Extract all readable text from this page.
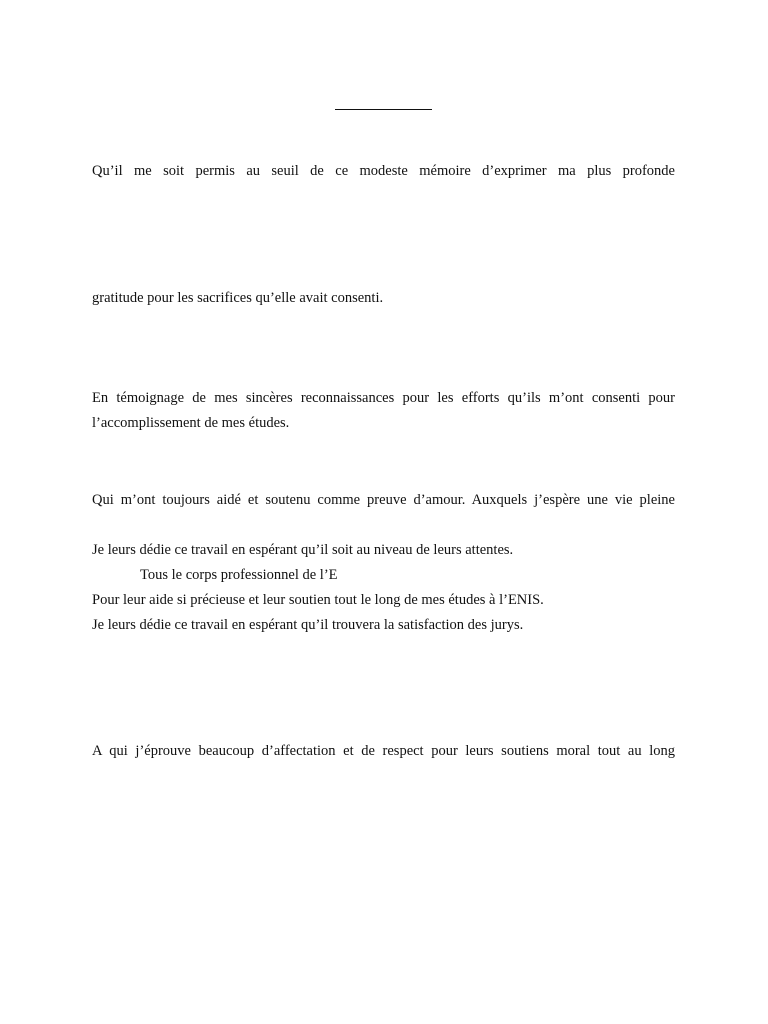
Qu’il me soit permis au seuil de ce modeste mémoire d’exprimer ma plus profonde
gratitude pour les sacrifices qu’elle avait consenti.
En témoignage de mes sincères reconnaissances pour les efforts qu’ils m’ont consenti pour
l’accomplissement de mes études.
Qui m’ont toujours aidé et soutenu comme preuve d’amour. Auxquels j’espère une vie pleine
Je leurs dédie ce travail en espérant qu’il soit au niveau de leurs attentes.
Tous le corps professionnel de l’E
Pour leur aide si précieuse et leur soutien tout le long de mes études à l’ENIS.
Je leurs dédie ce travail en espérant qu’il trouvera la satisfaction des jurys.
A qui j’éprouve beaucoup d’affectation et de respect pour leurs soutiens moral tout au long
